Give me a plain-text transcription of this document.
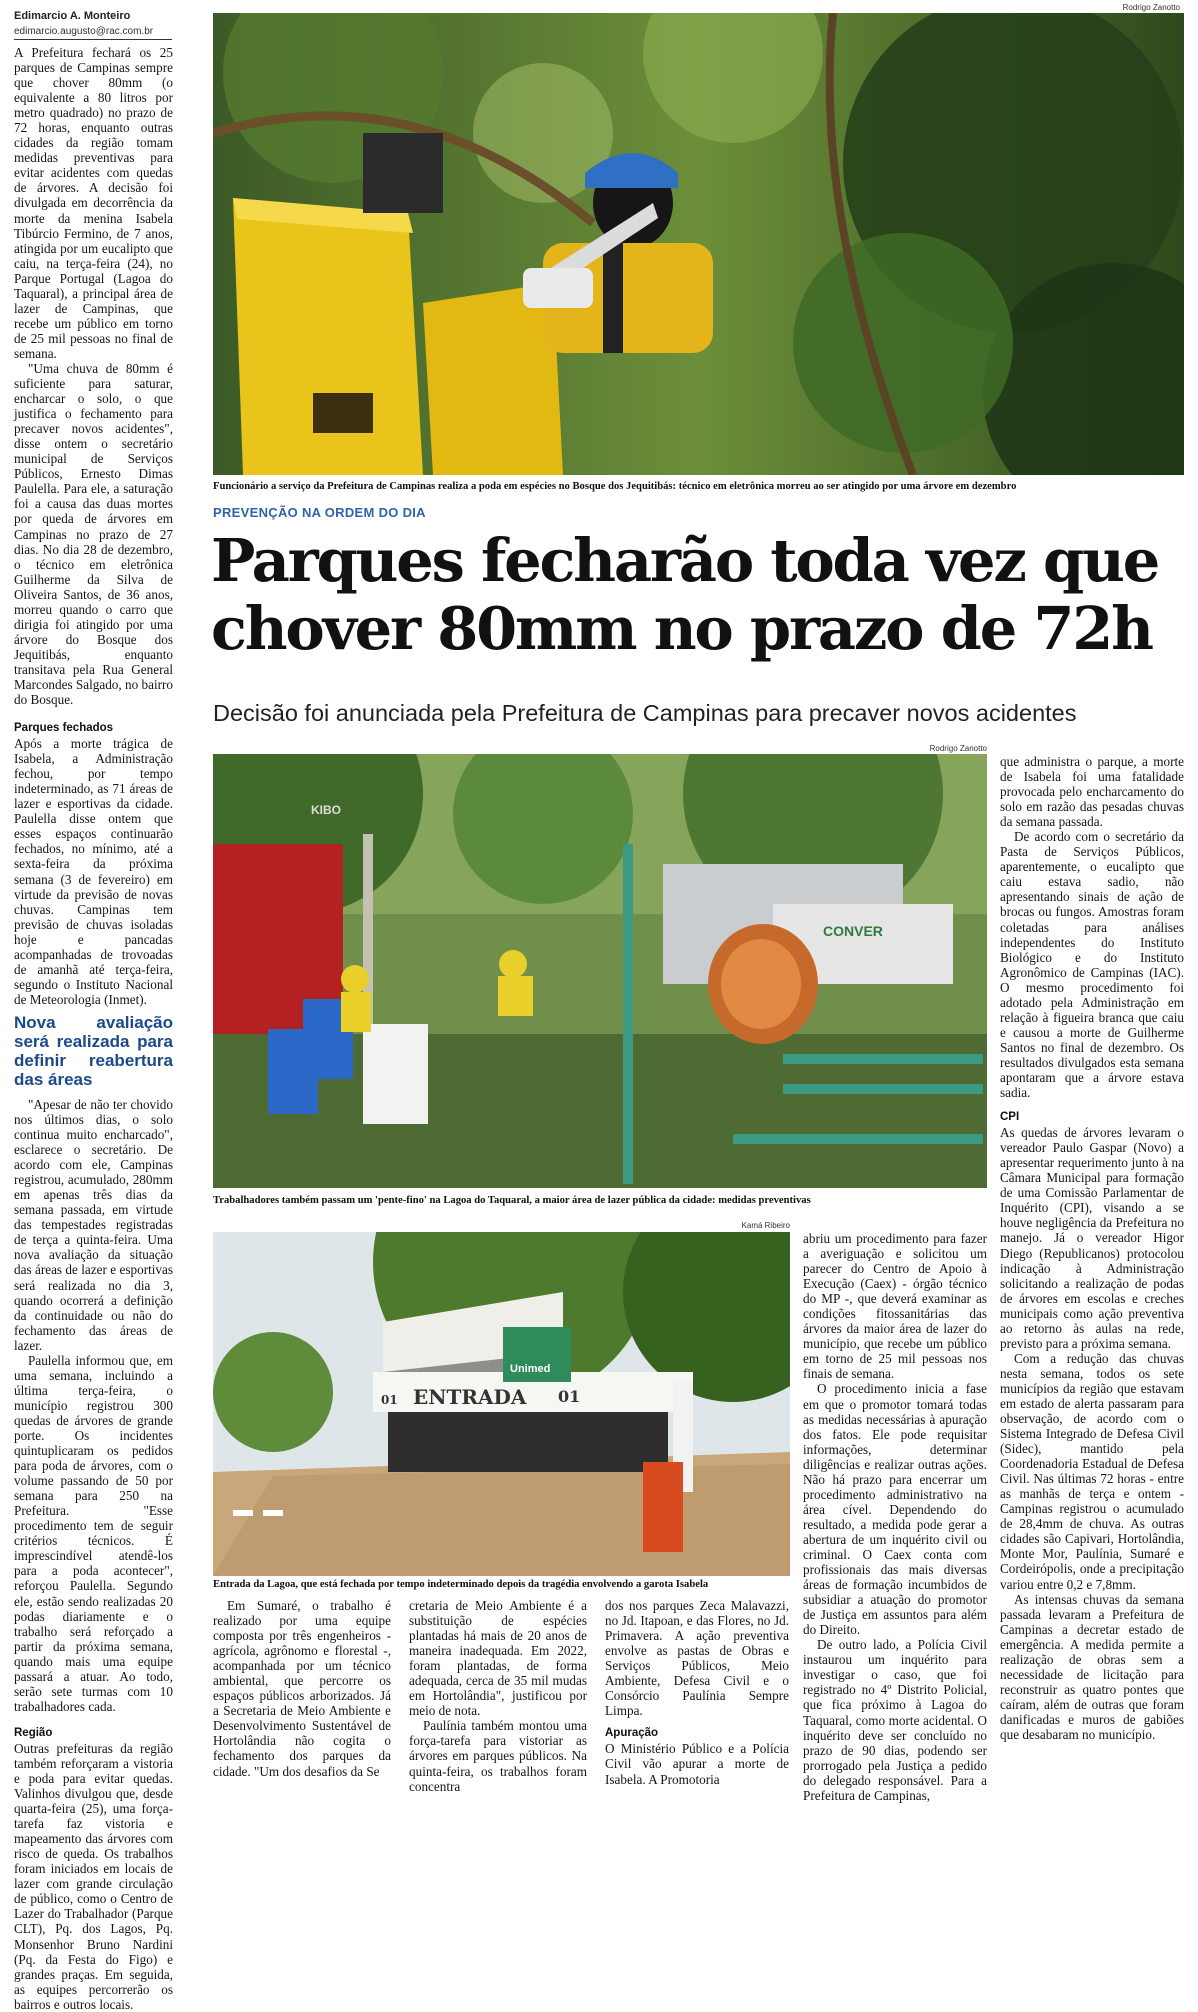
Edimarcio A. Monteiro
edimarcio.augusto@rac.com.br

A Prefeitura fechará os 25 parques de Campinas sempre que chover 80mm (o equivalente a 80 litros por metro quadrado) no prazo de 72 horas, enquanto outras cidades da região tomam medidas preventivas para evitar acidentes com quedas de árvores. A decisão foi divulgada em decorrência da morte da menina Isabela Tibúrcio Fermino, de 7 anos, atingida por um eucalipto que caiu, na terça-feira (24), no Parque Portugal (Lagoa do Taquaral), a principal área de lazer de Campinas, que recebe um público em torno de 25 mil pessoas no final de semana.

"Uma chuva de 80mm é suficiente para saturar, encharcar o solo, o que justifica o fechamento para precaver novos acidentes", disse ontem o secretário municipal de Serviços Públicos, Ernesto Dimas Paulella. Para ele, a saturação foi a causa das duas mortes por queda de árvores em Campinas no prazo de 27 dias. No dia 28 de dezembro, o técnico em eletrônica Guilherme da Silva de Oliveira Santos, de 36 anos, morreu quando o carro que dirigia foi atingido por uma árvore do Bosque dos Jequitibás, enquanto transitava pela Rua General Marcondes Salgado, no bairro do Bosque.

Parques fechados

Após a morte trágica de Isabela, a Administração fechou, por tempo indeterminado, as 71 áreas de lazer e esportivas da cidade. Paulella disse ontem que esses espaços continuarão fechados, no mínimo, até a sexta-feira da próxima semana (3 de fevereiro) em virtude da previsão de novas chuvas. Campinas tem previsão de chuvas isoladas hoje e pancadas acompanhadas de trovoadas de amanhã até terça-feira, segundo o Instituto Nacional de Meteorologia (Inmet).

Nova avaliação será realizada para definir reabertura das áreas

"Apesar de não ter chovido nos últimos dias, o solo continua muito encharcado", esclarece o secretário. De acordo com ele, Campinas registrou, acumulado, 280mm em apenas três dias da semana passada, em virtude das tempestades registradas de terça a quinta-feira. Uma nova avaliação da situação das áreas de lazer e esportivas será realizada no dia 3, quando ocorrerá a definição da continuidade ou não do fechamento das áreas de lazer.

Paulella informou que, em uma semana, incluindo a última terça-feira, o município registrou 300 quedas de árvores de grande porte. Os incidentes quintuplicaram os pedidos para poda de árvores, com o volume passando de 50 por semana para 250 na Prefeitura. "Esse procedimento tem de seguir critérios técnicos. É imprescindível atendê-los para a poda acontecer", reforçou Paulella. Segundo ele, estão sendo realizadas 20 podas diariamente e o trabalho será reforçado a partir da próxima semana, quando mais uma equipe passará a atuar. Ao todo, serão sete turmas com 10 trabalhadores cada.

Região

Outras prefeituras da região também reforçaram a vistoria e poda para evitar quedas. Valinhos divulgou que, desde quarta-feira (25), uma força-tarefa faz vistoria e mapeamento das árvores com risco de queda. Os trabalhos foram iniciados em locais de lazer com grande circulação de público, como o Centro de Lazer do Trabalhador (Parque CLT), Pq. dos Lagos, Pq. Monsenhor Bruno Nardini (Pq. da Festa do Figo) e grandes praças. Em seguida, as equipes percorrerão os bairros e outros locais.

Rodrigo Zanotto
Funcionário a serviço da Prefeitura de Campinas realiza a poda em espécies no Bosque dos Jequitibás: técnico em eletrônica morreu ao ser atingido por uma árvore em dezembro
PREVENÇÃO NA ORDEM DO DIA
Parques fecharão toda vez que
chover 80mm no prazo de 72h
Decisão foi anunciada pela Prefeitura de Campinas para precaver novos acidentes
Rodrigo Zanotto
CONVER
KIBO
Trabalhadores também passam um 'pente-fino' na Lagoa do Taquaral, a maior área de lazer pública da cidade: medidas preventivas
Kamá Ribeiro
ENTRADA 01
01
Unimed
Entrada da Lagoa, que está fechada por tempo indeterminado depois da tragédia envolvendo a garota Isabela

que administra o parque, a morte de Isabela foi uma fatalidade provocada pelo encharcamento do solo em razão das pesadas chuvas da semana passada.

De acordo com o secretário da Pasta de Serviços Públicos, aparentemente, o eucalipto que caiu estava sadio, não apresentando sinais de ação de brocas ou fungos. Amostras foram coletadas para análises independentes do Instituto Biológico e do Instituto Agronômico de Campinas (IAC). O mesmo procedimento foi adotado pela Administração em relação à figueira branca que caiu e causou a morte de Guilherme Santos no final de dezembro. Os resultados divulgados esta semana apontaram que a árvore estava sadia.

CPI

As quedas de árvores levaram o vereador Paulo Gaspar (Novo) a apresentar requerimento junto à na Câmara Municipal para formação de uma Comissão Parlamentar de Inquérito (CPI), visando a se houve negligência da Prefeitura no manejo. Já o vereador Higor Diego (Republicanos) protocolou indicação à Administração solicitando a realização de podas de árvores em escolas e creches municipais como ação preventiva ao retorno às aulas na rede, previsto para a próxima semana.

Com a redução das chuvas nesta semana, todos os sete municípios da região que estavam em estado de alerta passaram para observação, de acordo com o Sistema Integrado de Defesa Civil (Sidec), mantido pela Coordenadoria Estadual de Defesa Civil. Nas últimas 72 horas - entre as manhãs de terça e ontem - Campinas registrou o acumulado de 28,4mm de chuva. As outras cidades são Capivari, Hortolândia, Monte Mor, Paulínia, Sumaré e Cordeirópolis, onde a precipitação variou entre 0,2 e 7,8mm.

As intensas chuvas da semana passada levaram a Prefeitura de Campinas a decretar estado de emergência. A medida permite a realização de obras sem a necessidade de licitação para reconstruir as quatro pontes que caíram, além de outras que foram danificadas e muros de gabiões que desabaram no município.

abriu um procedimento para fazer a averiguação e solicitou um parecer do Centro de Apoio à Execução (Caex) - órgão técnico do MP -, que deverá examinar as condições fitossanitárias das árvores da maior área de lazer do município, que recebe um público em torno de 25 mil pessoas nos finais de semana.

O procedimento inicia a fase em que o promotor tomará todas as medidas necessárias à apuração dos fatos. Ele pode requisitar informações, determinar diligências e realizar outras ações. Não há prazo para encerrar um procedimento administrativo na área cível. Dependendo do resultado, a medida pode gerar a abertura de um inquérito civil ou criminal. O Caex conta com profissionais das mais diversas áreas de formação incumbidos de subsidiar a atuação do promotor de Justiça em assuntos para além do Direito.

De outro lado, a Polícia Civil instaurou um inquérito para investigar o caso, que foi registrado no 4º Distrito Policial, que fica próximo à Lagoa do Taquaral, como morte acidental. O inquérito deve ser concluído no prazo de 90 dias, podendo ser prorrogado pela Justiça a pedido do delegado responsável. Para a Prefeitura de Campinas,

Em Sumaré, o trabalho é realizado por uma equipe composta por três engenheiros - agrícola, agrônomo e florestal -, acompanhada por um técnico ambiental, que percorre os espaços públicos arborizados. Já a Secretaria de Meio Ambiente e Desenvolvimento Sustentável de Hortolândia não cogita o fechamento dos parques da cidade. "Um dos desafios da Se

cretaria de Meio Ambiente é a substituição de espécies plantadas há mais de 20 anos de maneira inadequada. Em 2022, foram plantadas, de forma adequada, cerca de 35 mil mudas em Hortolândia", justificou por meio de nota.

Paulínia também montou uma força-tarefa para vistoriar as árvores em parques públicos. Na quinta-feira, os trabalhos foram concentra

dos nos parques Zeca Malavazzi, no Jd. Itapoan, e das Flores, no Jd. Primavera. A ação preventiva envolve as pastas de Obras e Serviços Públicos, Meio Ambiente, Defesa Civil e o Consórcio Paulínia Sempre Limpa.

Apuração

O Ministério Público e a Polícia Civil vão apurar a morte de Isabela. A Promotoria
